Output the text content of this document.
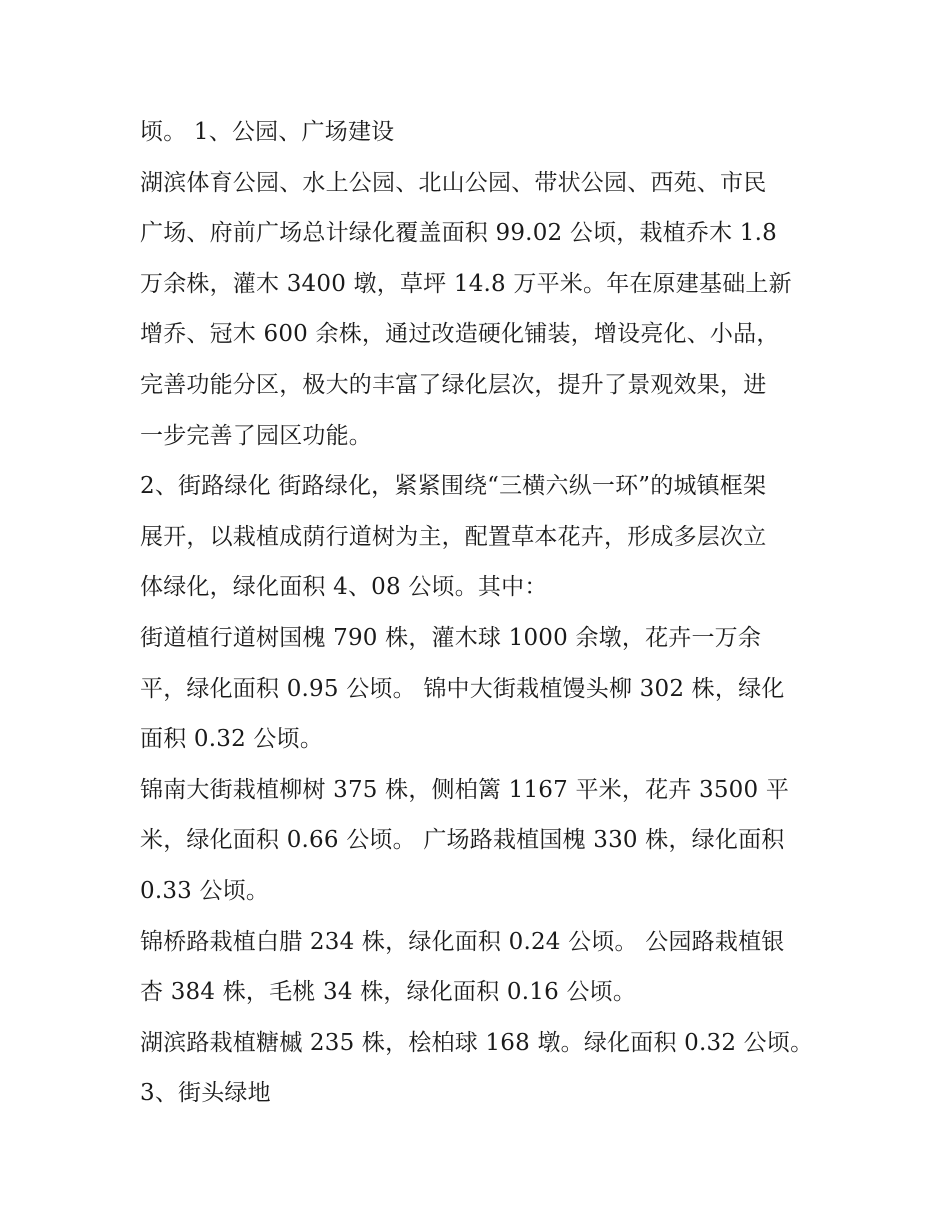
顷。 1、公园、广场建设
湖滨体育公园、水上公园、北山公园、带状公园、西苑、市民
广场、府前广场总计绿化覆盖面积 99.02 公顷，栽植乔木 1.8
万余株，灌木 3400 墩，草坪 14.8 万平米。年在原建基础上新
增乔、冠木 600 余株，通过改造硬化铺装，增设亮化、小品，
完善功能分区，极大的丰富了绿化层次，提升了景观效果，进
一步完善了园区功能。
2、街路绿化 街路绿化，紧紧围绕“三横六纵一环”的城镇框架
展开，以栽植成荫行道树为主，配置草本花卉，形成多层次立
体绿化，绿化面积 4、08 公顷。其中：
街道植行道树国槐 790 株，灌木球 1000 余墩，花卉一万余
平，绿化面积 0.95 公顷。 锦中大街栽植馒头柳 302 株，绿化
面积 0.32 公顷。
锦南大街栽植柳树 375 株，侧柏篱 1167 平米，花卉 3500 平
米，绿化面积 0.66 公顷。 广场路栽植国槐 330 株，绿化面积
0.33 公顷。
锦桥路栽植白腊 234 株，绿化面积 0.24 公顷。 公园路栽植银
杏 384 株，毛桃 34 株，绿化面积 0.16 公顷。
湖滨路栽植糖槭 235 株，桧柏球 168 墩。绿化面积 0.32 公顷。
3、街头绿地
